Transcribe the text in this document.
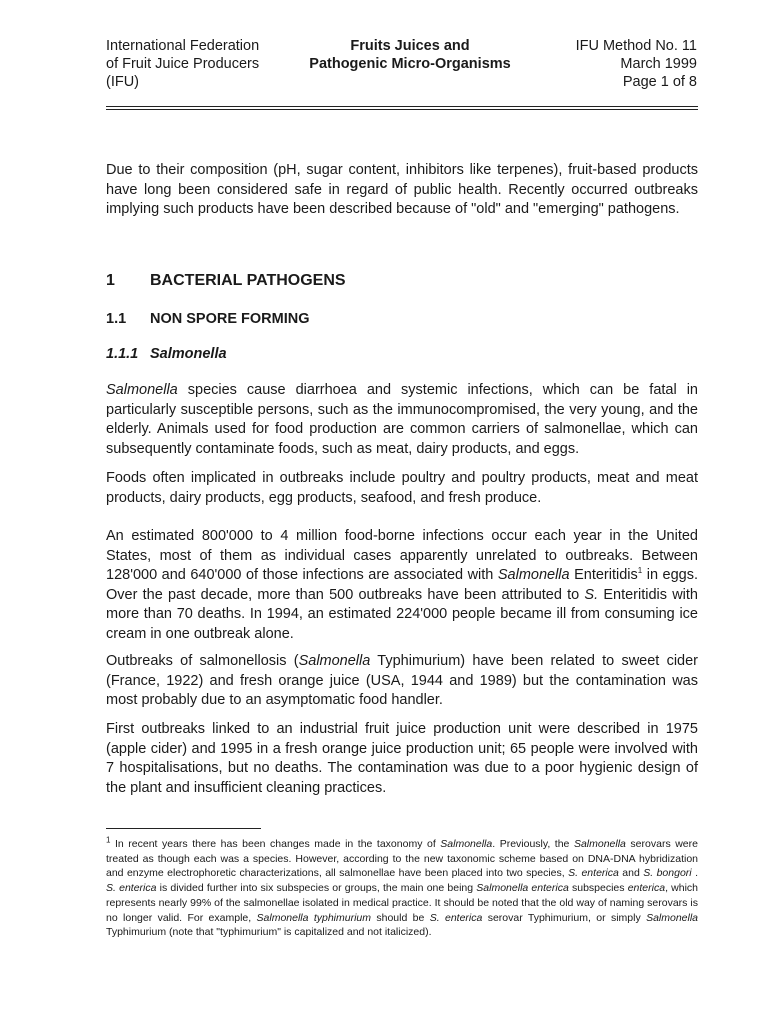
International Federation
of Fruit Juice Producers
(IFU)
Fruits Juices and
Pathogenic Micro-Organisms
IFU Method No. 11
March 1999
Page 1 of 8

Due to their composition (pH, sugar content, inhibitors like terpenes), fruit-based products have long been considered safe in regard of public health. Recently occurred outbreaks implying such products have been described because of "old" and "emerging" pathogens.

1 BACTERIAL PATHOGENS
1.1 NON SPORE FORMING
1.1.1 Salmonella

Salmonella species cause diarrhoea and systemic infections, which can be fatal in particularly susceptible persons, such as the immunocompromised, the very young, and the elderly. Animals used for food production are common carriers of salmonellae, which can subsequently contaminate foods, such as meat, dairy products, and eggs.

Foods often implicated in outbreaks include poultry and poultry products, meat and meat products, dairy products, egg products, seafood, and fresh produce.

An estimated 800'000 to 4 million food-borne infections occur each year in the United States, most of them as individual cases apparently unrelated to outbreaks. Between 128'000 and 640'000 of those infections are associated with Salmonella Enteritidis$^1$ in eggs. Over the past decade, more than 500 outbreaks have been attributed to S. Enteritidis with more than 70 deaths. In 1994, an estimated 224'000 people became ill from consuming ice cream in one outbreak alone.

Outbreaks of salmonellosis (Salmonella Typhimurium) have been related to sweet cider (France, 1922) and fresh orange juice (USA, 1944 and 1989) but the contamination was most probably due to an asymptomatic food handler.

First outbreaks linked to an industrial fruit juice production unit were described in 1975 (apple cider) and 1995 in a fresh orange juice production unit; 65 people were involved with 7 hospitalisations, but no deaths. The contamination was due to a poor hygienic design of the plant and insufficient cleaning practices.

$^1$ In recent years there has been changes made in the taxonomy of Salmonella. Previously, the Salmonella serovars were treated as though each was a species. However, according to the new taxonomic scheme based on DNA-DNA hybridization and enzyme electrophoretic characterizations, all salmonellae have been placed into two species, S. enterica and S. bongori . S. enterica is divided further into six subspecies or groups, the main one being Salmonella enterica subspecies enterica, which represents nearly 99% of the salmonellae isolated in medical practice. It should be noted that the old way of naming serovars is no longer valid. For example, Salmonella typhimurium should be S. enterica serovar Typhimurium, or simply Salmonella Typhimurium (note that "typhimurium" is capitalized and not italicized).
